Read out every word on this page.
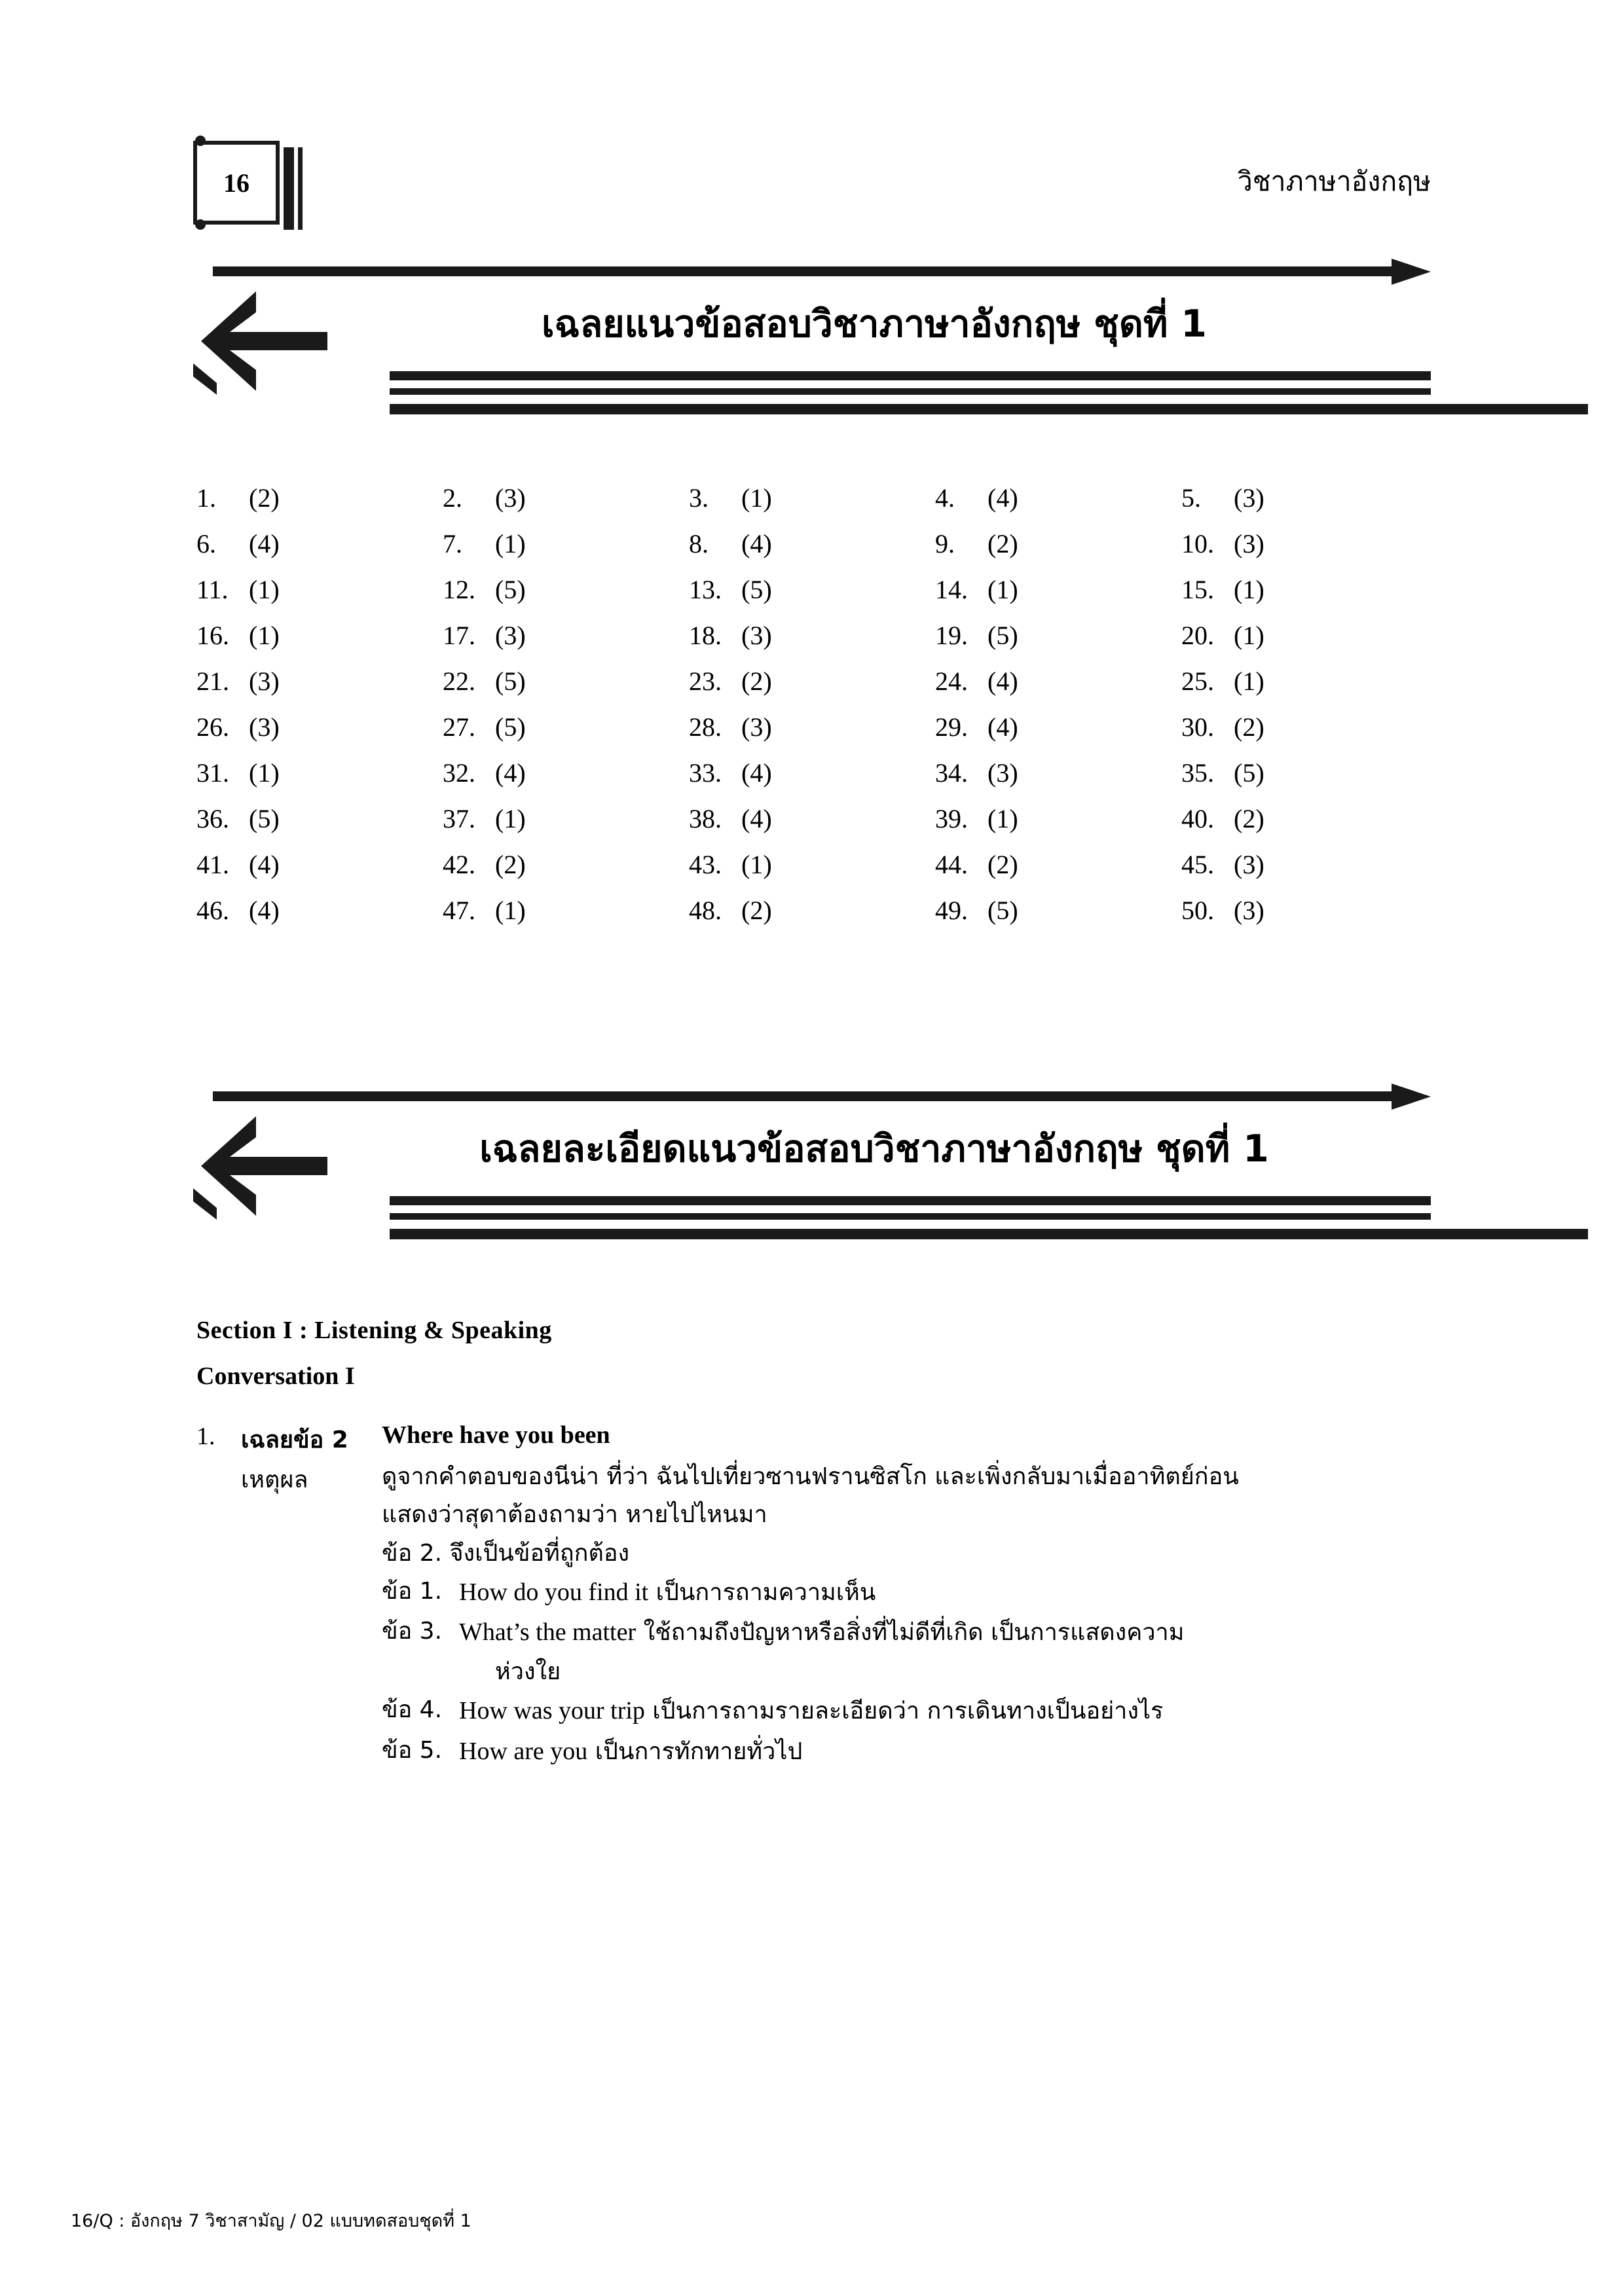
16	วิชาภาษาอังกฤษ
เฉลยแนวข้อสอบวิชาภาษาอังกฤษ ชุดที่ 1
1.	(2)	2.	(3)	3.	(1)	4.	(4)	5.	(3)
6.	(4)	7.	(1)	8.	(4)	9.	(2)	10. (3)
11. (1)	12. (5)	13. (5)	14. (1)	15. (1)
16. (1)	17. (3)	18. (3)	19. (5)	20. (1)
21. (3)	22. (5)	23. (2)	24. (4)	25. (1)
26. (3)	27. (5)	28. (3)	29. (4)	30. (2)
31. (1)	32. (4)	33. (4)	34. (3)	35. (5)
36. (5)	37. (1)	38. (4)	39. (1)	40. (2)
41. (4)	42. (2)	43. (1)	44. (2)	45. (3)
46. (4)	47. (1)	48. (2)	49. (5)	50. (3)
เฉลยละเอียดแนวข้อสอบวิชาภาษาอังกฤษ ชุดที่ 1
Section I : Listening & Speaking
Conversation I
1.	เฉลยข้อ 2	Where have you been
เหตุผล	ดูจากคำตอบของนีน่า ที่ว่า ฉันไปเที่ยวซานฟรานซิสโก และเพิ่งกลับมาเมื่ออาทิตย์ก่อน
แสดงว่าสุดาต้องถามว่า หายไปไหนมา
ข้อ 2. จึงเป็นข้อที่ถูกต้อง
ข้อ 1. How do you find it เป็นการถามความเห็น
ข้อ 3. What’s the matter ใช้ถามถึงปัญหาหรือสิ่งที่ไม่ดีที่เกิด เป็นการแสดงความ
ห่วงใย
ข้อ 4. How was your trip เป็นการถามรายละเอียดว่า การเดินทางเป็นอย่างไร
ข้อ 5. How are you เป็นการทักทายทั่วไป
16/Q : อังกฤษ 7 วิชาสามัญ / 02 แบบทดสอบชุดที่ 1
